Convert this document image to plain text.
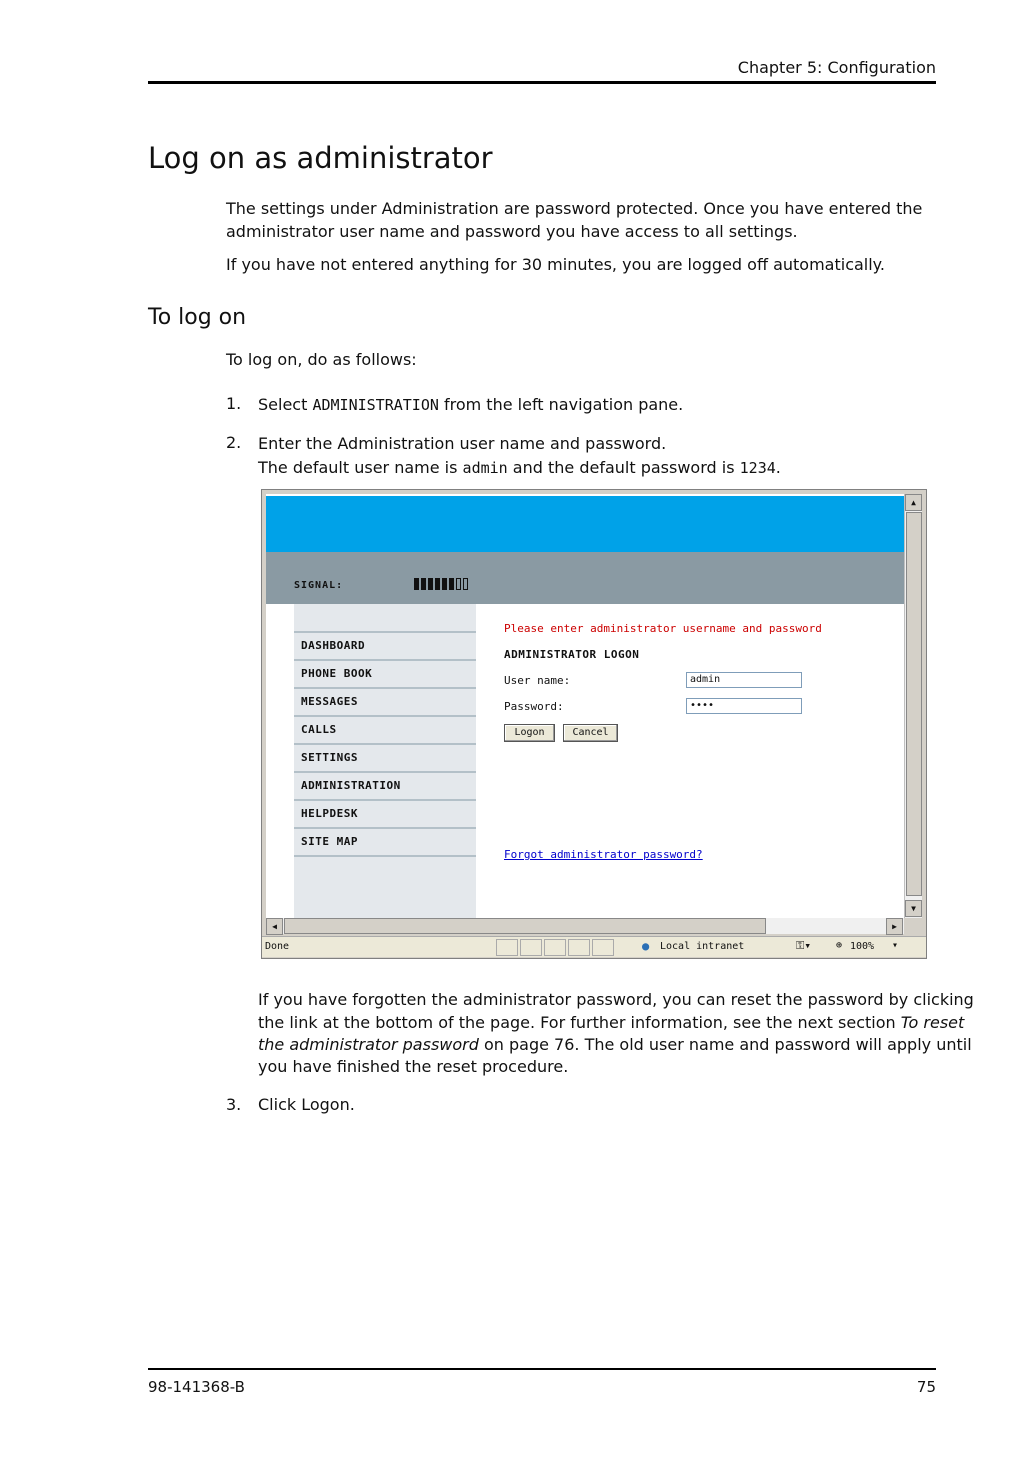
Chapter 5: Configuration
Log on as administrator
The settings under Administration are password protected. Once you have entered the
administrator user name and password you have access to all settings.
If you have not entered anything for 30 minutes, you are logged off automatically.
To log on
To log on, do as follows:
1. Select ADMINISTRATION from the left navigation pane.
2. Enter the Administration user name and password.
The default user name is admin and the default password is 1234.
SIGNAL:
DASHBOARD
PHONE BOOK
MESSAGES
CALLS
SETTINGS
ADMINISTRATION
HELPDESK
SITE MAP
Please enter administrator username and password
ADMINISTRATOR LOGON
User name:	admin
Password:	••••
Logon	Cancel
Forgot administrator password?
▲
▼
◀	▶
Done	● Local intranet	⚿▾	⊕ 100% ▾
If you have forgotten the administrator password, you can reset the password by clicking
the link at the bottom of the page. For further information, see the next section To reset
the administrator password on page 76. The old user name and password will apply until
you have finished the reset procedure.
3. Click Logon.
98-141368-B	75
